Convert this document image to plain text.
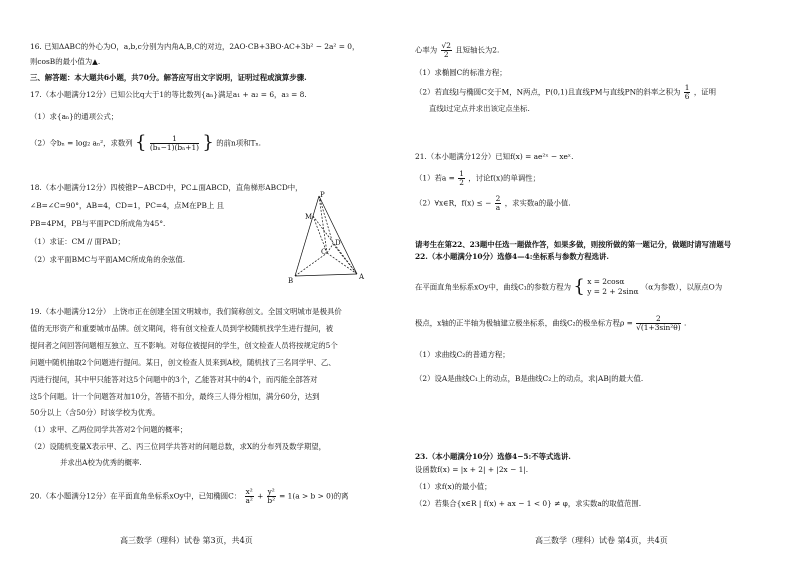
16. 已知ΔABC的外心为O，a,b,c分别为内角A,B,C的对边，2AO·CB+3BO·AC+3b² − 2a² = 0，
则cosB的最小值为▲.
三、解答题：本大题共6小题，共70分。解答应写出文字说明，证明过程或演算步骤.
17.（本小题满分12分）已知公比q大于1的等比数列{aₙ}满足a₁ + a₂ = 6，a₃ = 8.
（1）求{aₙ}的通项公式；
（2）令bₙ = log₂ aₙ²，求数列 { $\frac{1}{\text{(bₙ−1)(bₙ+1)}}$ } 的前n项和Tₙ.
18.（本小题满分12分）四棱锥P−ABCD中，PC⊥面ABCD，直角梯形ABCD中，
∠B=∠C=90°，AB=4，CD=1，PC=4，点M在PB上 且
PB=4PM，PB与平面PCD所成角为45°.
（1）求证：CM // 面PAD；
（2）求平面BMC与平面AMC所成角的余弦值.
P
M
D
C
B	A
19.（本小题满分12分） 上饶市正在创建全国文明城市，我们简称创文。全国文明城市是极具价
值的无形资产和重要城市品牌。创文期间，将有创文检查人员到学校随机找学生进行提问，被
提问者之间回答问题相互独立、互不影响。对每位被提问的学生，创文检查人员将按规定的5个
问题中随机抽取2个问题进行提问。某日，创文检查人员来到A校，随机找了三名同学甲、乙、
丙进行提问，其中甲只能答对这5个问题中的3个，乙能答对其中的4个，而丙能全部答对
这5个问题。计一个问题答对加10分，答错不扣分，最终三人得分相加，满分60分，达到
50分以上（含50分）时该学校为优秀。
（1）求甲、乙两位同学共答对2个问题的概率；
（2）设随机变量X表示甲、乙、丙三位同学共答对的问题总数，求X的分布列及数学期望，
并求出A校为优秀的概率.
20.（本小题满分12分）在平面直角坐标系xOy中，已知椭圆C： $\frac{\text{x²}}{\text{a²}} + \frac{\text{y²}}{\text{b²}} = 1(a > b > 0)$的离
高三数学（理科）试卷 第3页，共4页
心率为 $\frac{√2}{2}$ 且短轴长为2.
（1）求椭圆C的标准方程；
（2）若直线l与椭圆C交于M，N两点，P(0,1)且直线PM与直线PN的斜率之积为 $\frac{1}{6}$ ，证明
直线l过定点并求出该定点坐标.
21.（本小题满分12分）已知f(x) = ae²ˣ − xeˣ.
（1）若$a = \frac{1}{2}$ ，讨论f(x)的单调性；
（2）∀x∈R，f(x) ≤ − $\frac{2}{a}$ ，求实数a的最小值.
请考生在第22、23题中任选一题做作答，如果多做，则按所做的第一题记分，做题时请写清题号
22.（本小题满分10分）选修4—4:坐标系与参数方程选讲.
在平面直角坐标系xOy中，曲线C₁的参数方程为 { x = 2cosα
y = 2 + 2sinα
（α为参数），以原点O为
极点，x轴的正半轴为极轴建立极坐标系，曲线C₂的极坐标方程$\rho = \frac{2}{\text{√(1+3sin²θ)}}$ .
（1）求曲线C₂的普通方程；
（2）设A是曲线C₁上的动点，B是曲线C₂上的动点，求|AB|的最大值.
23.（本小题满分10分）选修4−5:不等式选讲.
设函数f(x) = |x + 2| + |2x − 1|.
（1）求f(x)的最小值；
（2）若集合{x∈R | f(x) + ax − 1 < 0} ≠ φ，求实数a的取值范围.
高三数学（理科）试卷 第4页，共4页
